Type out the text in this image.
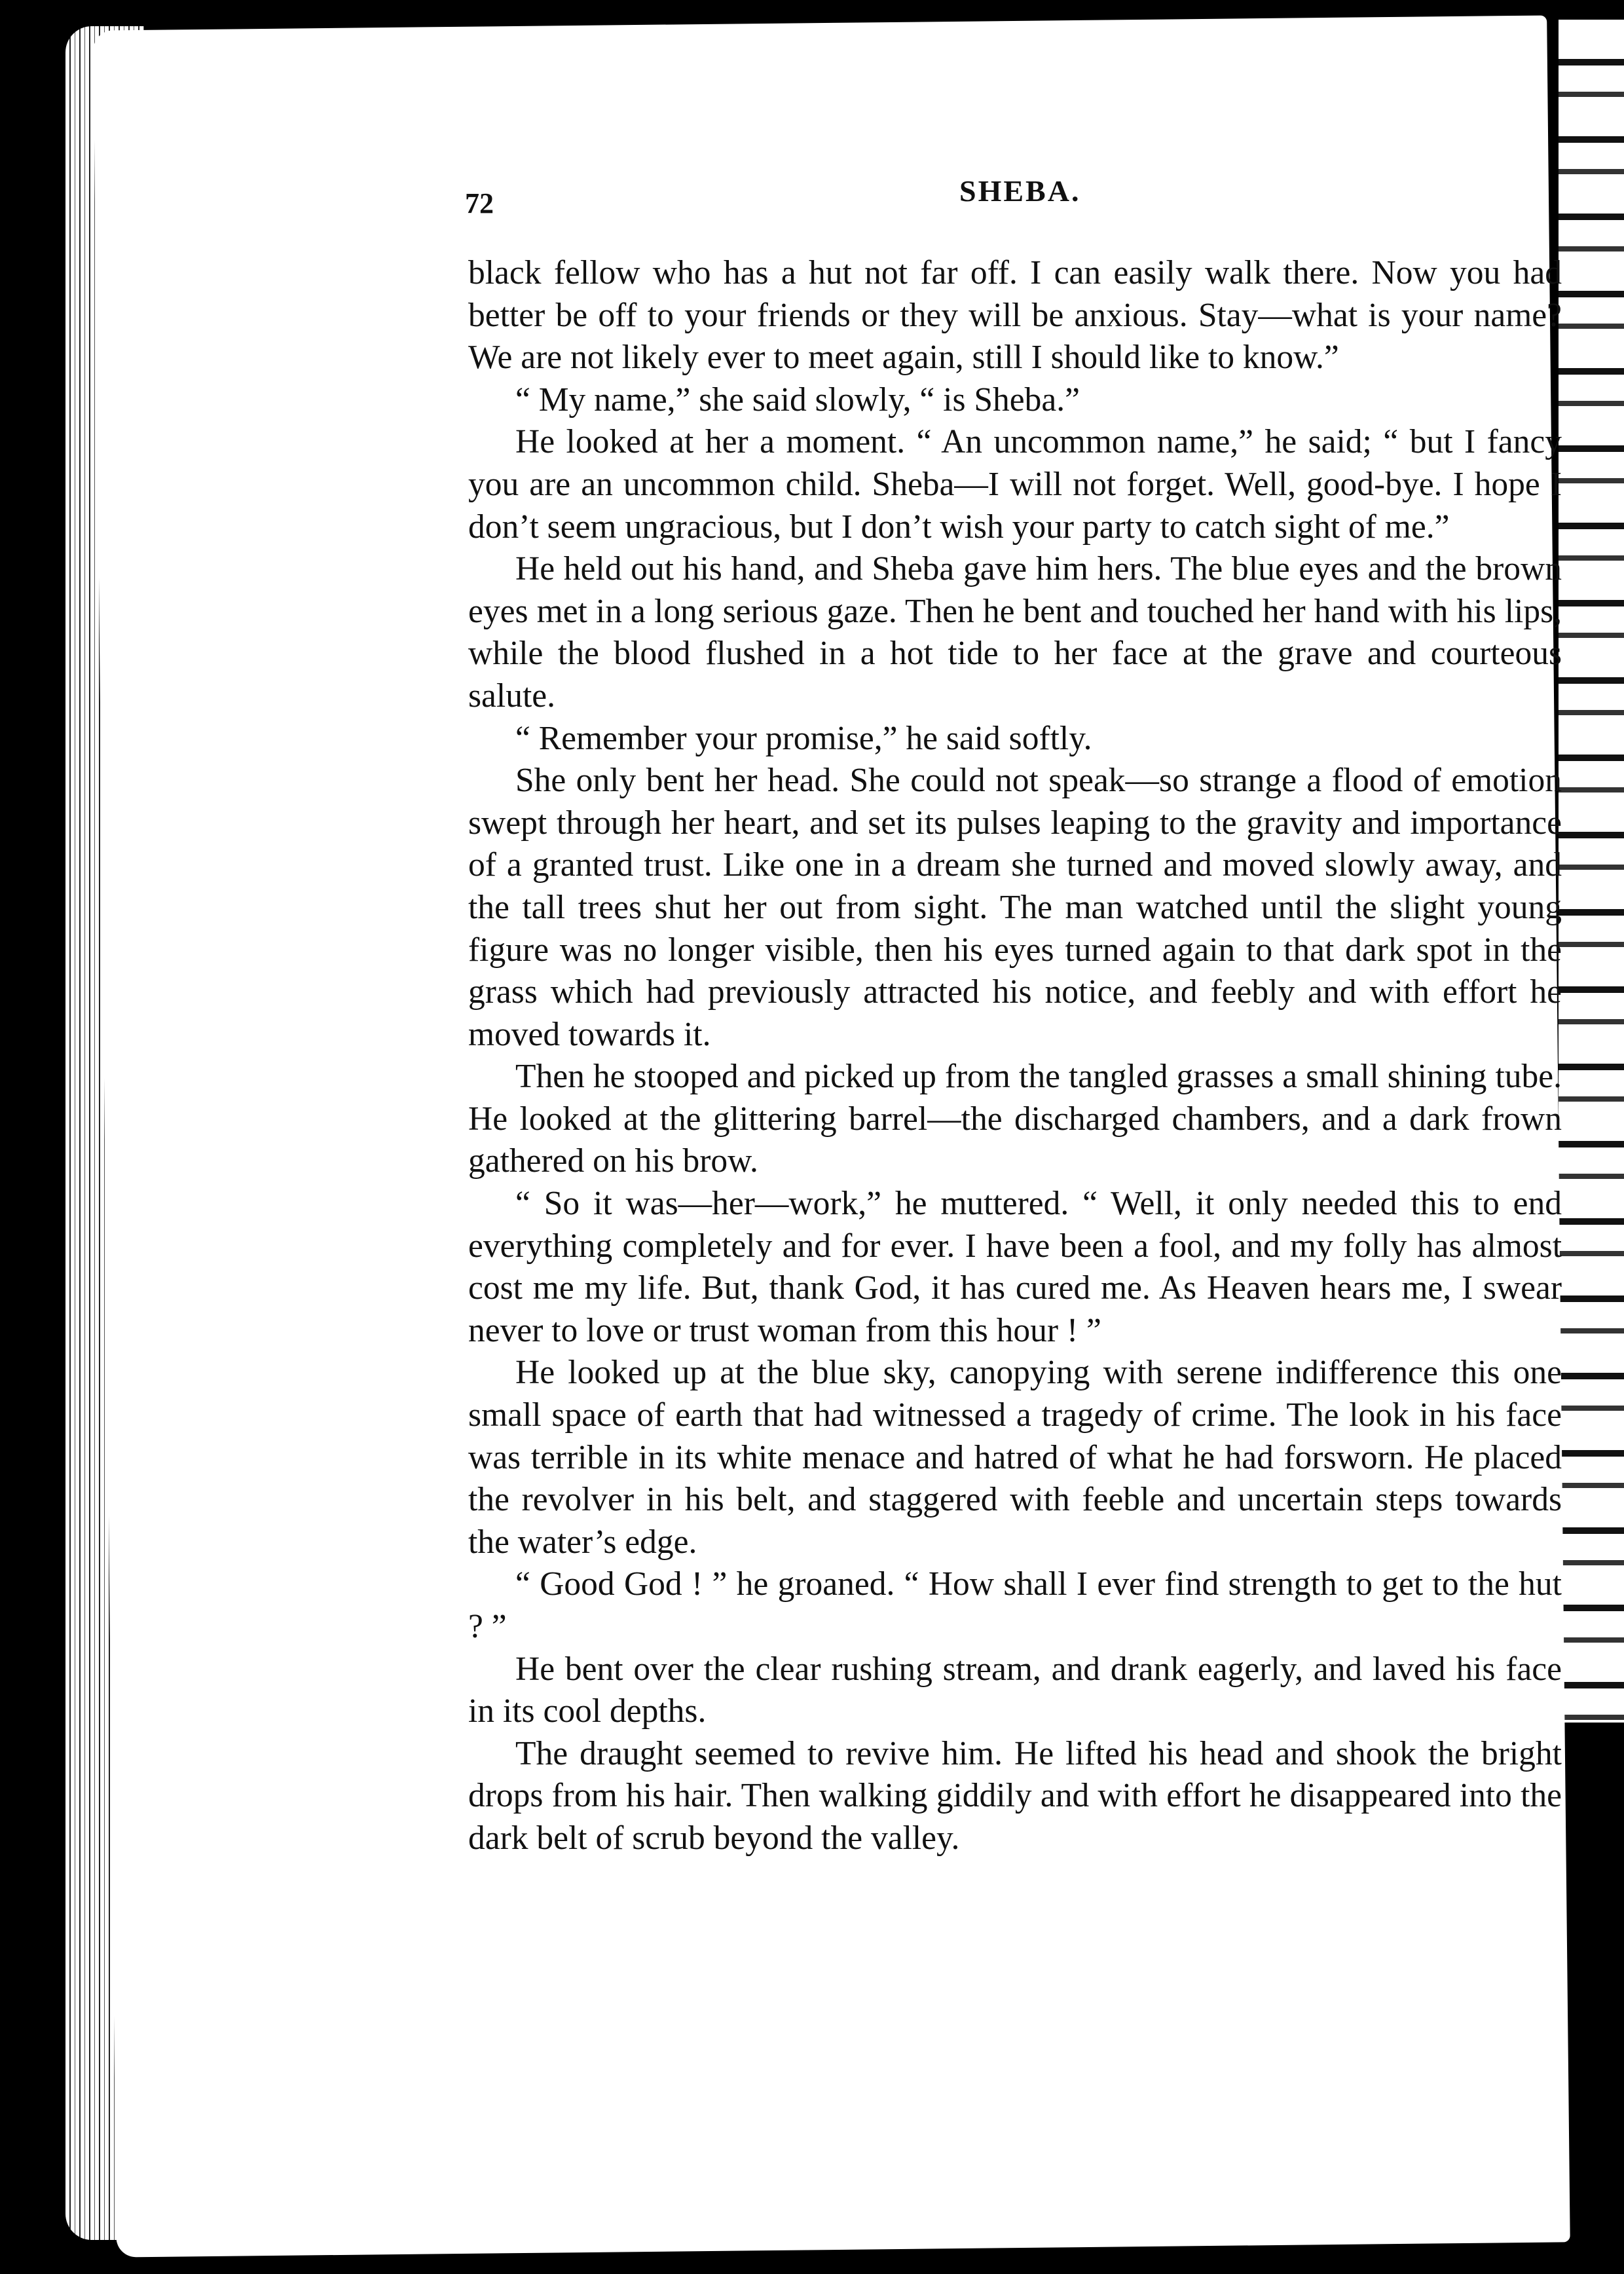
72	SHEBA.

black fellow who has a hut not far off. I can easily walk there. Now you had better be off to your friends or they will be anxious. Stay—what is your name? We are not likely ever to meet again, still I should like to know.”

“ My name,” she said slowly, “ is Sheba.”

He looked at her a moment. “ An uncommon name,” he said; “ but I fancy you are an uncommon child. Sheba—I will not forget. Well, good-bye. I hope I don’t seem ungracious, but I don’t wish your party to catch sight of me.”

He held out his hand, and Sheba gave him hers. The blue eyes and the brown eyes met in a long serious gaze. Then he bent and touched her hand with his lips, while the blood flushed in a hot tide to her face at the grave and courteous salute.

“ Remember your promise,” he said softly.

She only bent her head. She could not speak—so strange a flood of emotion swept through her heart, and set its pulses leaping to the gravity and importance of a granted trust. Like one in a dream she turned and moved slowly away, and the tall trees shut her out from sight. The man watched until the slight young figure was no longer visible, then his eyes turned again to that dark spot in the grass which had previously attracted his notice, and feebly and with effort he moved towards it.

Then he stooped and picked up from the tangled grasses a small shining tube. He looked at the glittering barrel—the discharged chambers, and a dark frown gathered on his brow.

“ So it was—her—work,” he muttered. “ Well, it only needed this to end everything completely and for ever. I have been a fool, and my folly has almost cost me my life. But, thank God, it has cured me. As Heaven hears me, I swear never to love or trust woman from this hour ! ”

He looked up at the blue sky, canopying with serene indifference this one small space of earth that had witnessed a tragedy of crime. The look in his face was terrible in its white menace and hatred of what he had forsworn. He placed the revolver in his belt, and staggered with feeble and uncertain steps towards the water’s edge.

“ Good God ! ” he groaned. “ How shall I ever find strength to get to the hut ? ”

He bent over the clear rushing stream, and drank eagerly, and laved his face in its cool depths.

The draught seemed to revive him. He lifted his head and shook the bright drops from his hair. Then walking giddily and with effort he disappeared into the dark belt of scrub beyond the valley.
